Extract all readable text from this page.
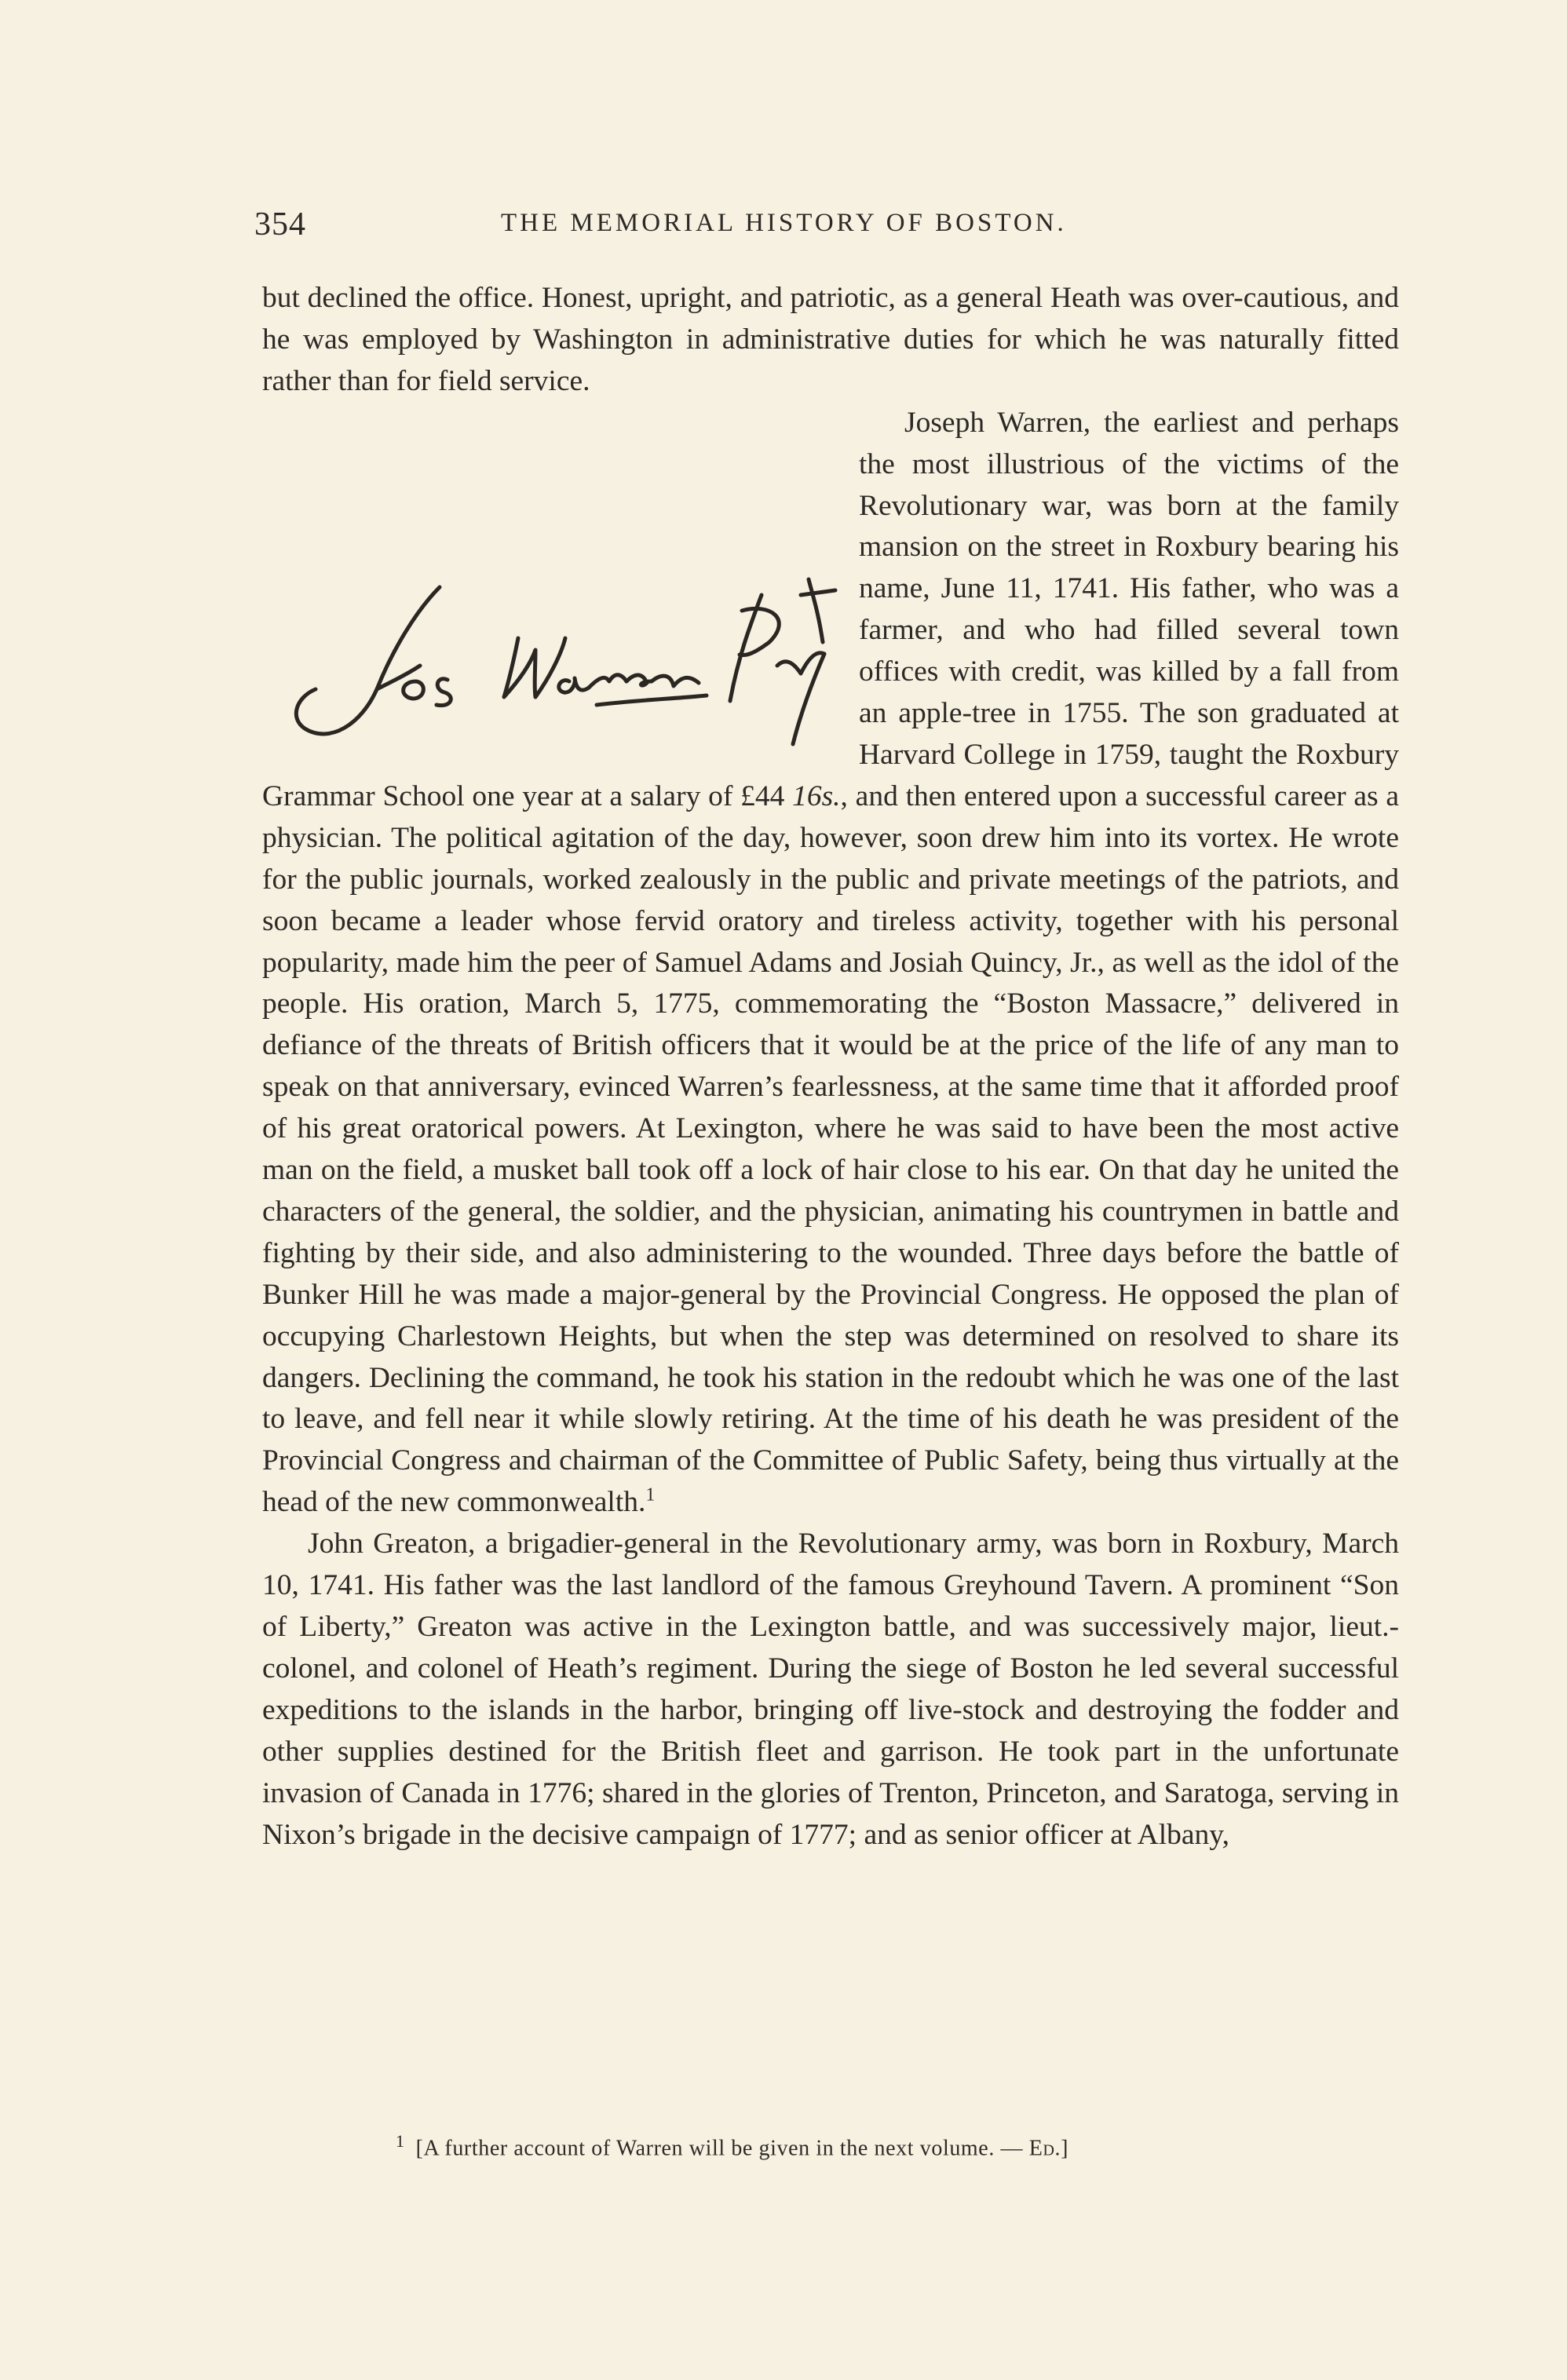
354	THE MEMORIAL HISTORY OF BOSTON.

but declined the office. Honest, upright, and patriotic, as a general Heath was over-cautious, and he was employed by Washington in administrative duties for which he was naturally fitted rather than for field service.

Joseph Warren, the earliest and perhaps the most illustrious of the victims of the Revolutionary war, was born at the family mansion on the street in Roxbury bearing his name, June 11, 1741. His father, who was a farmer, and who had filled several town offices with credit, was killed by a fall from an apple-tree in 1755. The son graduated at Harvard College in 1759, taught the Roxbury Grammar School one year at a salary of £44 16s., and then entered upon a successful career as a physician. The political agitation of the day, however, soon drew him into its vortex. He wrote for the public journals, worked zealously in the public and private meetings of the patriots, and soon became a leader whose fervid oratory and tireless activity, together with his personal popularity, made him the peer of Samuel Adams and Josiah Quincy, Jr., as well as the idol of the people. His oration, March 5, 1775, commemorating the “Boston Massacre,” delivered in defiance of the threats of British officers that it would be at the price of the life of any man to speak on that anniversary, evinced Warren’s fearlessness, at the same time that it afforded proof of his great oratorical powers. At Lexington, where he was said to have been the most active man on the field, a musket ball took off a lock of hair close to his ear. On that day he united the characters of the general, the soldier, and the physician, animating his countrymen in battle and fighting by their side, and also administering to the wounded. Three days before the battle of Bunker Hill he was made a major-general by the Provincial Congress. He opposed the plan of occupying Charlestown Heights, but when the step was determined on resolved to share its dangers. Declining the command, he took his station in the redoubt which he was one of the last to leave, and fell near it while slowly retiring. At the time of his death he was president of the Provincial Congress and chairman of the Committee of Public Safety, being thus virtually at the head of the new commonwealth.$^1$

John Greaton, a brigadier-general in the Revolutionary army, was born in Roxbury, March 10, 1741. His father was the last landlord of the famous Greyhound Tavern. A prominent “Son of Liberty,” Greaton was active in the Lexington battle, and was successively major, lieut.-colonel, and colonel of Heath’s regiment. During the siege of Boston he led several successful expeditions to the islands in the harbor, bringing off live-stock and destroying the fodder and other supplies destined for the British fleet and garrison. He took part in the unfortunate invasion of Canada in 1776; shared in the glories of Trenton, Princeton, and Saratoga, serving in Nixon’s brigade in the decisive campaign of 1777; and as senior officer at Albany,

$^1$ [A further account of Warren will be given in the next volume. — Ed.]
